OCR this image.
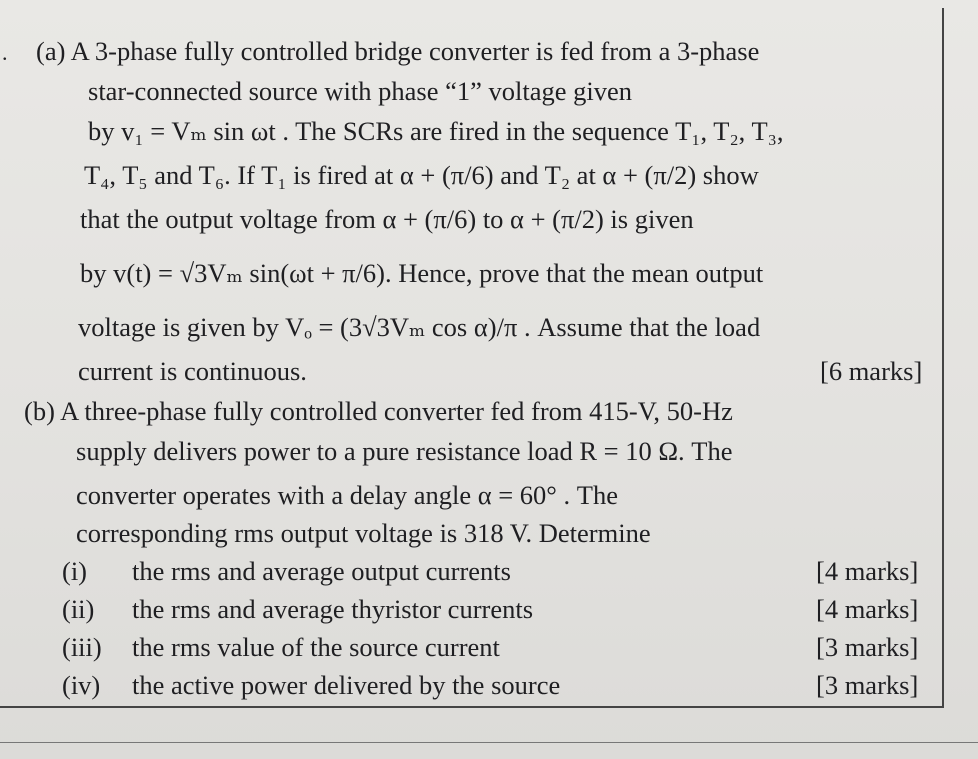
. (a) A 3-phase fully controlled bridge converter is fed from a 3-phase
star-connected source with phase “1” voltage given
by v₁ = Vₘ sin ωt . The SCRs are fired in the sequence T₁, T₂, T₃,
T₄, T₅ and T₆. If T₁ is fired at α + (π/6) and T₂ at α + (π/2) show
that the output voltage from α + (π/6) to α + (π/2) is given
by v(t) = √3Vₘ sin(ωt + π/6). Hence, prove that the mean output
voltage is given by Vₒ = (3√3Vₘ cos α)/π . Assume that the load
current is continuous.	[6 marks]
(b) A three-phase fully controlled converter fed from 415-V, 50-Hz
supply delivers power to a pure resistance load R = 10 Ω. The
converter operates with a delay angle α = 60° . The
corresponding rms output voltage is 318 V. Determine
(i) the rms and average output currents	[4 marks]
(ii) the rms and average thyristor currents	[4 marks]
(iii) the rms value of the source current	[3 marks]
(iv) the active power delivered by the source	[3 marks]
